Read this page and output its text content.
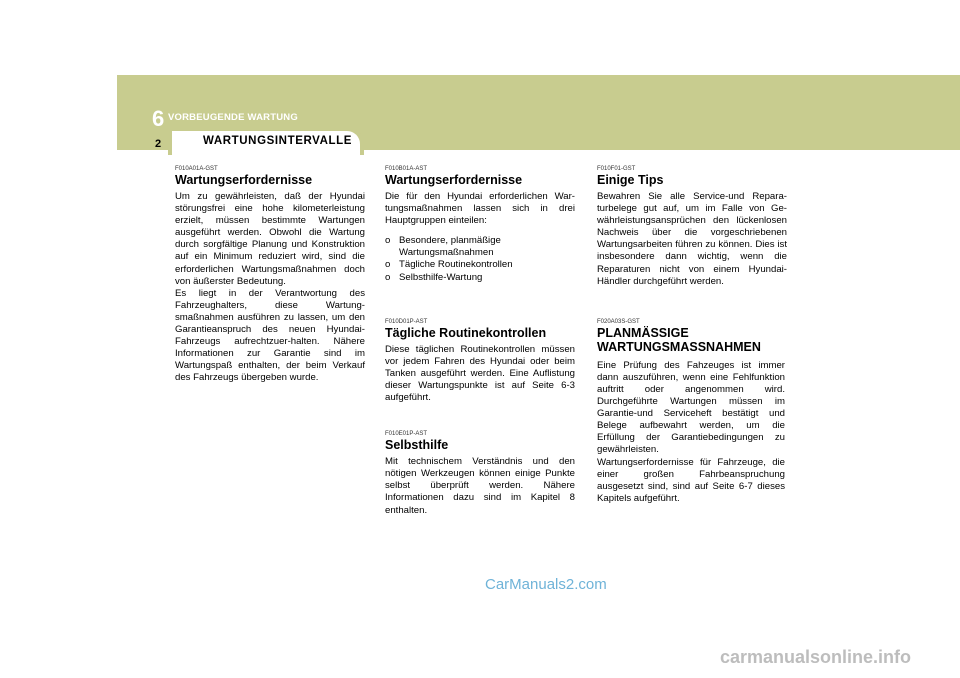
6 VORBEUGENDE WARTUNG
2	WARTUNGSINTERVALLE

F010A01A-GST

Wartungserfordernisse

Um zu gewährleisten, daß der Hyundai störungsfrei eine hohe kilometerleistung erzielt, müssen bestimmte Wartungen ausgeführt werden. Obwohl die Wartung durch sorgfältige Planung und Konstruktion auf ein Minimum reduziert wird, sind die erforderlichen Wartungsmaßnahmen doch von äußerster Bedeutung.

Es liegt in der Verantwortung des Fahrzeughalters, diese Wartung-smaßnahmen ausführen zu lassen, um den Garantieanspruch des neuen Hyundai-Fahrzeugs aufrechtzuer-halten. Nähere Informationen zur Garantie sind im Wartungspaß enthalten, der beim Verkauf des Fahrzeugs übergeben wurde.

F010B01A-AST

Wartungserfordernisse

Die für den Hyundai erforderlichen War-tungsmaßnahmen lassen sich in drei Hauptgruppen einteilen:

o Besondere, planmäßige Wartungsmaßnahmen
o Tägliche Routinekontrollen
o Selbsthilfe-Wartung

F010D01P-AST

Tägliche Routinekontrollen

Diese täglichen Routinekontrollen müssen vor jedem Fahren des Hyundai oder beim Tanken ausgeführt werden. Eine Auflistung dieser Wartungspunkte ist auf Seite 6-3 aufgeführt.

F010E01P-AST

Selbsthilfe

Mit technischem Verständnis und den nötigen Werkzeugen können einige Punkte selbst überprüft werden. Nähere Informationen dazu sind im Kapitel 8 enthalten.

F010F01-GST

Einige Tips

Bewahren Sie alle Service-und Repara-turbelege gut auf, um im Falle von Ge-währleistungsansprüchen den lückenlosen Nachweis über die vorgeschriebenen Wartungsarbeiten führen zu können. Dies ist insbesondere dann wichtig, wenn die Reparaturen nicht von einem Hyundai-Händler durchgeführt werden.

F020A03S-GST

PLANMÄSSIGE WARTUNGSMASSNAHMEN

Eine Prüfung des Fahzeuges ist immer dann auszuführen, wenn eine Fehlfunktion auftritt oder angenommen wird. Durchgeführte Wartungen müssen im Garantie-und Serviceheft bestätigt und Belege aufbewahrt werden, um die Erfüllung der Garantiebedingungen zu gewährleisten.

Wartungserfordernisse für Fahrzeuge, die einer großen Fahrbeanspruchung ausgesetzt sind, sind auf Seite 6-7 dieses Kapitels aufgeführt.

CarManuals2.com
carmanualsonline.info
